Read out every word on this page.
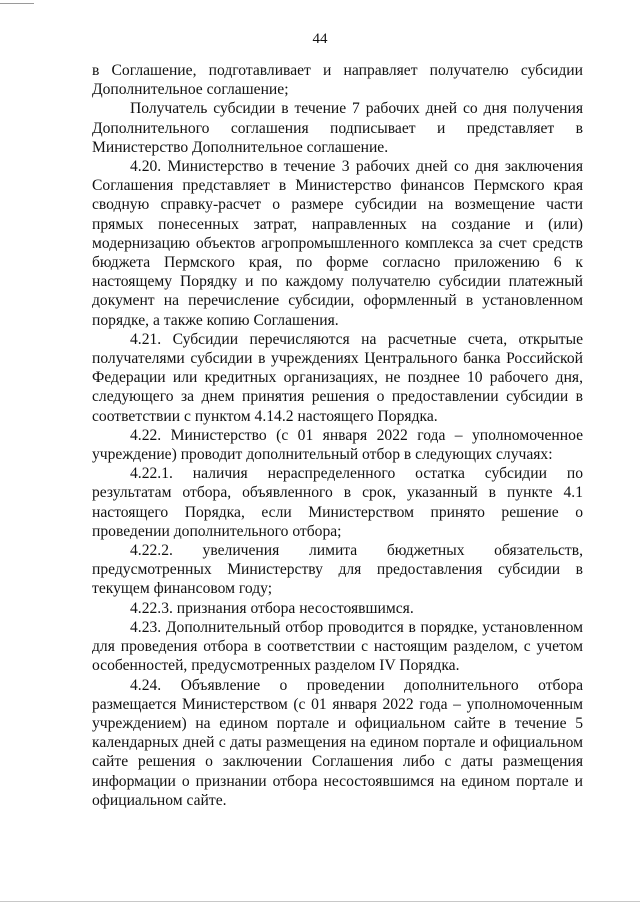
44

в Соглашение, подготавливает и направляет получателю субсидии Дополнительное соглашение;

Получатель субсидии в течение 7 рабочих дней со дня получения Дополнительного соглашения подписывает и представляет в Министерство Дополнительное соглашение.

4.20. Министерство в течение 3 рабочих дней со дня заключения Соглашения представляет в Министерство финансов Пермского края сводную справку-расчет о размере субсидии на возмещение части прямых понесенных затрат, направленных на создание и (или) модернизацию объектов агропромышленного комплекса за счет средств бюджета Пермского края, по форме согласно приложению 6 к настоящему Порядку и по каждому получателю субсидии платежный документ на перечисление субсидии, оформленный в установленном порядке, а также копию Соглашения.

4.21. Субсидии перечисляются на расчетные счета, открытые получателями субсидии в учреждениях Центрального банка Российской Федерации или кредитных организациях, не позднее 10 рабочего дня, следующего за днем принятия решения о предоставлении субсидии в соответствии с пунктом 4.14.2 настоящего Порядка.

4.22. Министерство (с 01 января 2022 года – уполномоченное учреждение) проводит дополнительный отбор в следующих случаях:

4.22.1. наличия нераспределенного остатка субсидии по результатам отбора, объявленного в срок, указанный в пункте 4.1 настоящего Порядка, если Министерством принято решение о проведении дополнительного отбора;

4.22.2. увеличения лимита бюджетных обязательств, предусмотренных Министерству для предоставления субсидии в текущем финансовом году;

4.22.3. признания отбора несостоявшимся.

4.23. Дополнительный отбор проводится в порядке, установленном для проведения отбора в соответствии с настоящим разделом, с учетом особенностей, предусмотренных разделом IV Порядка.

4.24. Объявление о проведении дополнительного отбора размещается Министерством (с 01 января 2022 года – уполномоченным учреждением) на едином портале и официальном сайте в течение 5 календарных дней с даты размещения на едином портале и официальном сайте решения о заключении Соглашения либо с даты размещения информации о признании отбора несостоявшимся на едином портале и официальном сайте.
